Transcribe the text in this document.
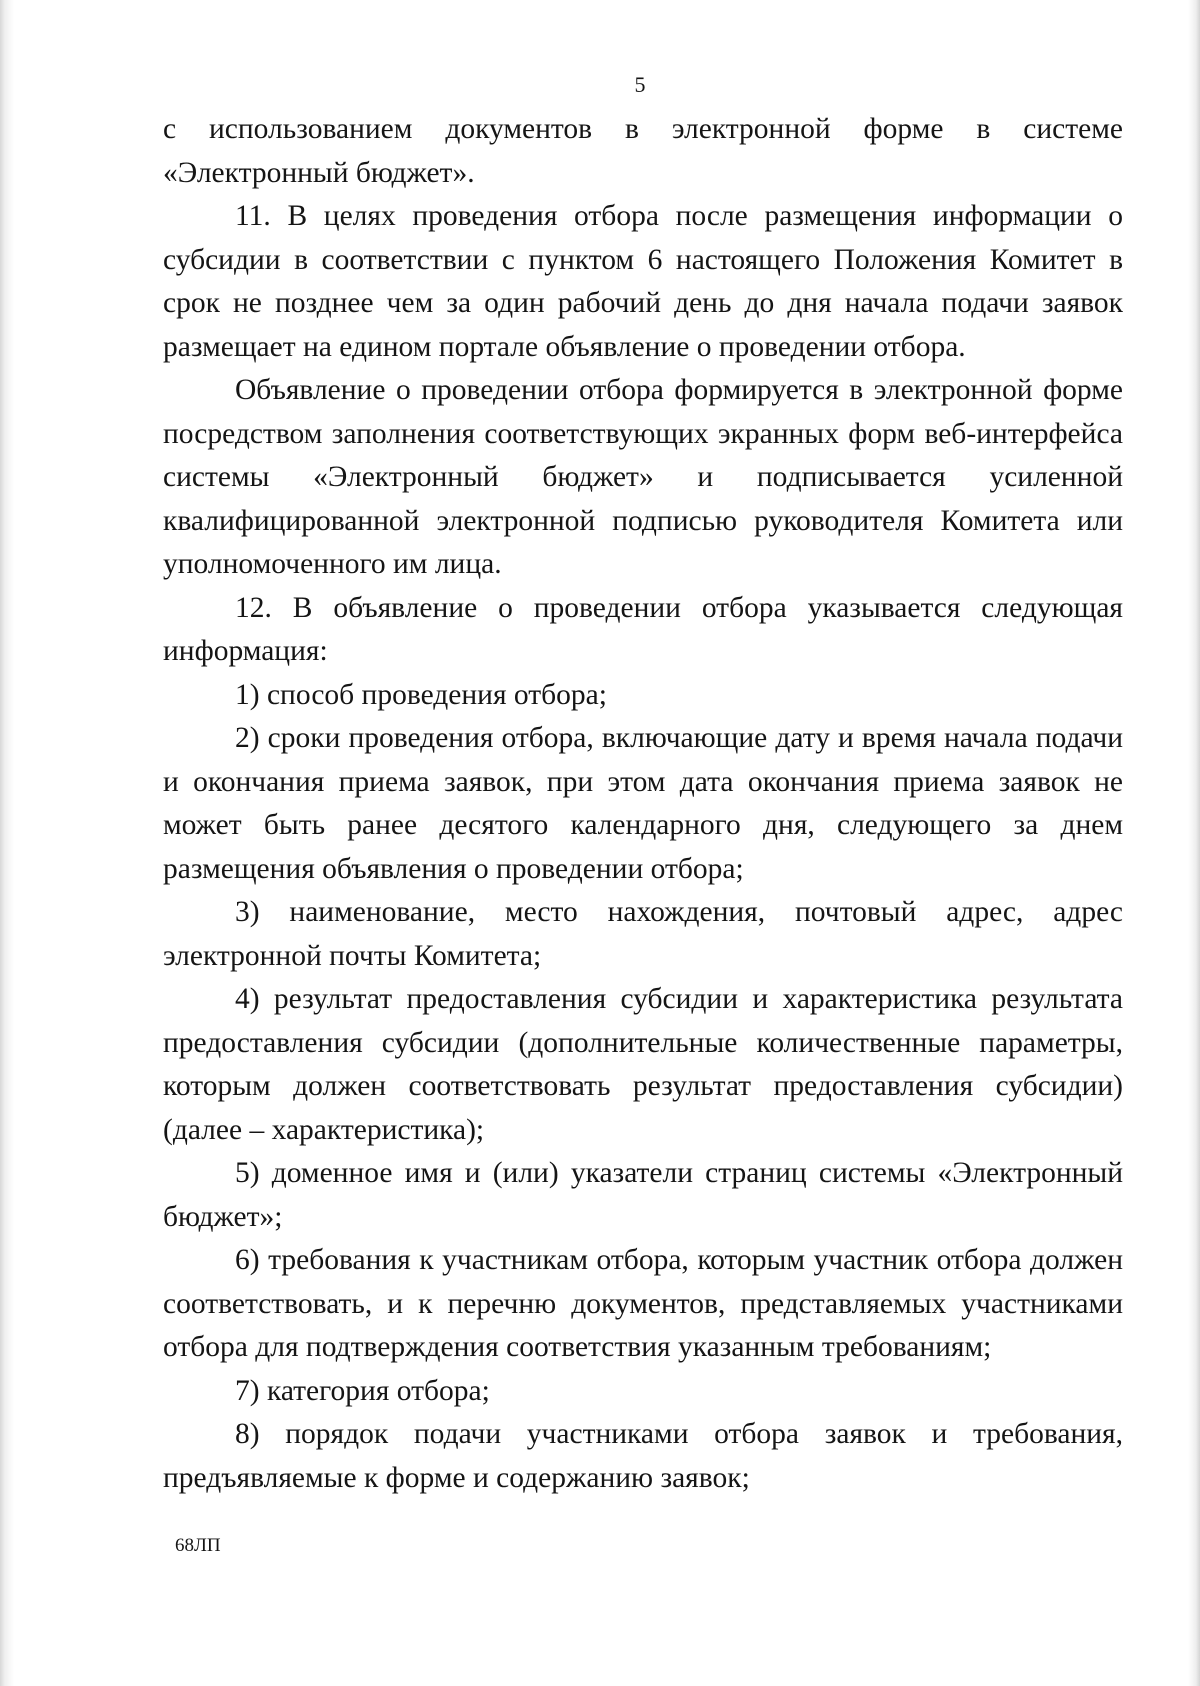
5

с использованием документов в электронной форме в системе «Электронный бюджет».

11. В целях проведения отбора после размещения информации о субсидии в соответствии с пунктом 6 настоящего Положения Комитет в срок не позднее чем за один рабочий день до дня начала подачи заявок размещает на едином портале объявление о проведении отбора.

Объявление о проведении отбора формируется в электронной форме посредством заполнения соответствующих экранных форм веб-интерфейса системы «Электронный бюджет» и подписывается усиленной квалифицированной электронной подписью руководителя Комитета или уполномоченного им лица.

12. В объявление о проведении отбора указывается следующая информация:

1) способ проведения отбора;

2) сроки проведения отбора, включающие дату и время начала подачи и окончания приема заявок, при этом дата окончания приема заявок не может быть ранее десятого календарного дня, следующего за днем размещения объявления о проведении отбора;

3) наименование, место нахождения, почтовый адрес, адрес электронной почты Комитета;

4) результат предоставления субсидии и характеристика результата предоставления субсидии (дополнительные количественные параметры, которым должен соответствовать результат предоставления субсидии) (далее – характеристика);

5) доменное имя и (или) указатели страниц системы «Электронный бюджет»;

6) требования к участникам отбора, которым участник отбора должен соответствовать, и к перечню документов, представляемых участниками отбора для подтверждения соответствия указанным требованиям;

7) категория отбора;

8) порядок подачи участниками отбора заявок и требования, предъявляемые к форме и содержанию заявок;

68ЛП
